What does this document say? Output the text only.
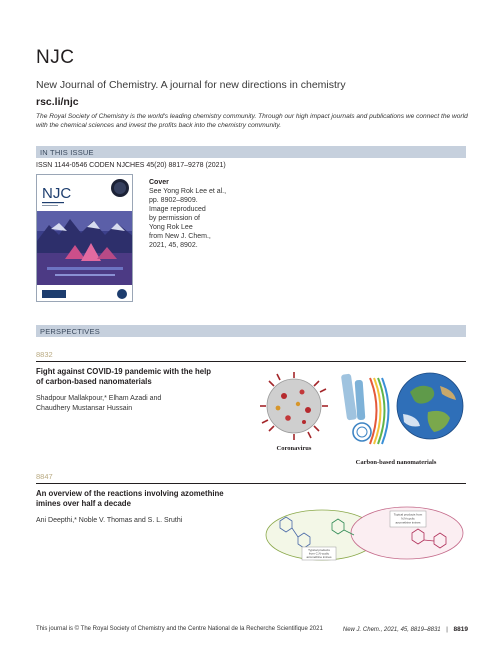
NJC
New Journal of Chemistry. A journal for new directions in chemistry
rsc.li/njc
The Royal Society of Chemistry is the world's leading chemistry community. Through our high impact journals and publications we connect the world with the chemical sciences and invest the profits back into the chemistry community.
IN THIS ISSUE
ISSN 1144-0546 CODEN NJCHES 45(20) 8817–9278 (2021)
NJC
Cover
See Yong Rok Lee et al.,
pp. 8902–8909.
Image reproduced
by permission of
Yong Rok Lee
from New J. Chem.,
2021, 45, 8902.
PERSPECTIVES
8832
Fight against COVID-19 pandemic with the help
of carbon-based nanomaterials
Shadpour Mallakpour,* Elham Azadi and
Chaudhery Mustansar Hussain
Coronavirus
Carbon-based nanomaterials
8847
An overview of the reactions involving azomethine
imines over half a decade
Ani Deepthi,* Noble V. Thomas and S. L. Sruthi
Typical products from
N,N-cyclic
azomethine imines
Typical products
from C,N-cyclic
azomethine imines
This journal is © The Royal Society of Chemistry and the Centre National de la Recherche Scientifique 2021	New J. Chem., 2021, 45, 8819–8831 | 8819
